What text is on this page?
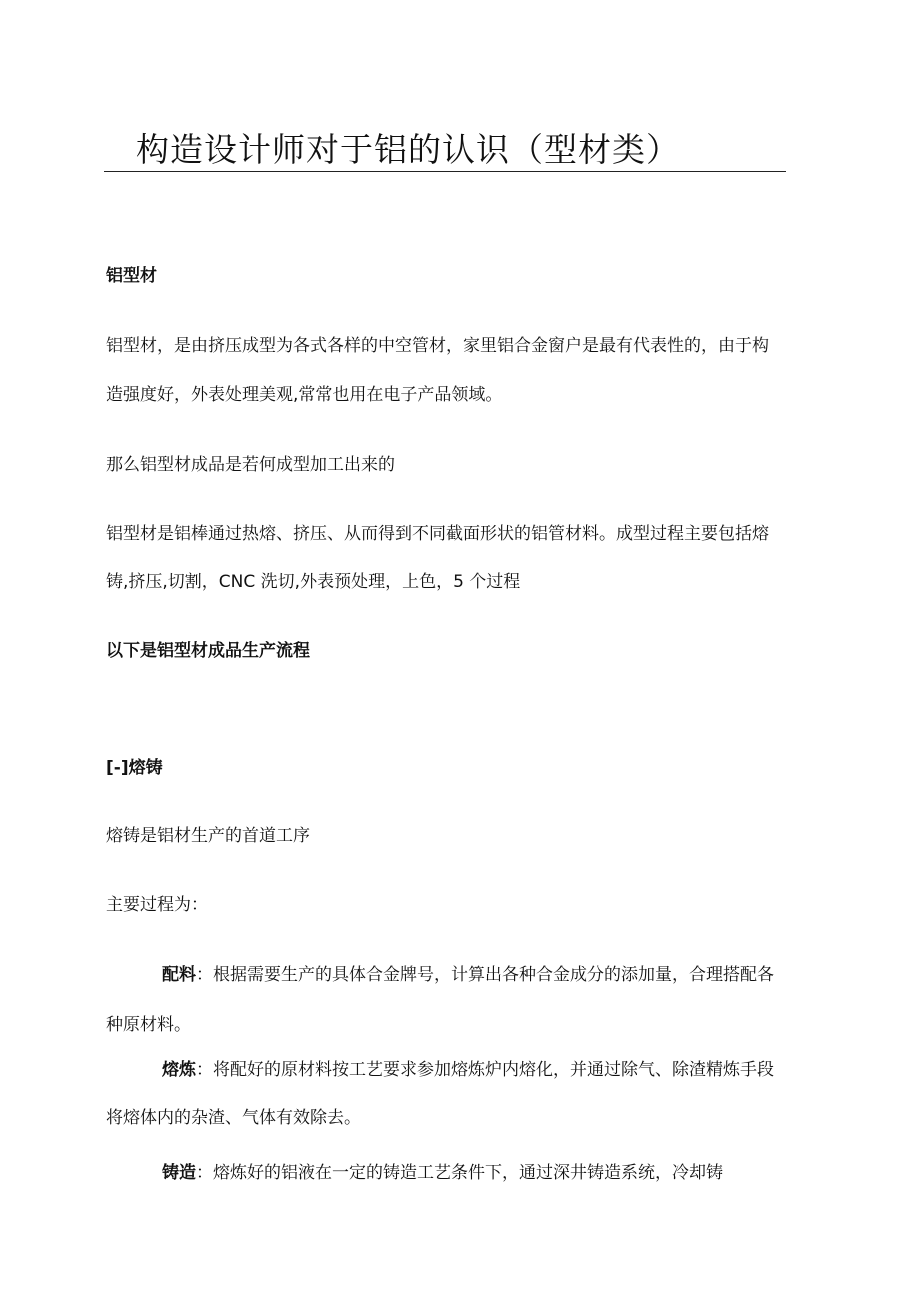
构造设计师对于铝的认识（型材类）

铝型材

铝型材，是由挤压成型为各式各样的中空管材，家里铝合金窗户是最有代表性的，由于构

造强度好，外表处理美观,常常也用在电子产品领域。

那么铝型材成品是若何成型加工出来的

铝型材是铝棒通过热熔、挤压、从而得到不同截面形状的铝管材料。成型过程主要包括熔

铸,挤压,切割，CNC 洗切,外表预处理，上色，5 个过程

以下是铝型材成品生产流程

[-]熔铸

熔铸是铝材生产的首道工序

主要过程为：

配料：根据需要生产的具体合金牌号，计算出各种合金成分的添加量，合理搭配各

种原材料。

熔炼：将配好的原材料按工艺要求参加熔炼炉内熔化，并通过除气、除渣精炼手段

将熔体内的杂渣、气体有效除去。

铸造：熔炼好的铝液在一定的铸造工艺条件下，通过深井铸造系统，冷却铸
